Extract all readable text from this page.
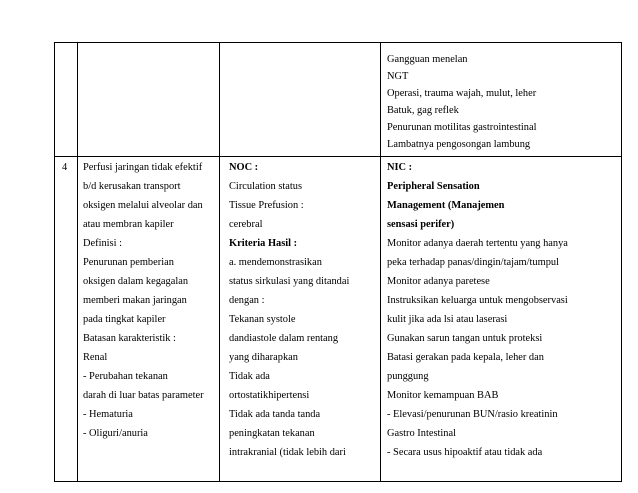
Gangguan menelan
NGT
Operasi, trauma wajah, mulut, leher
Batuk, gag reflek
Penurunan motilitas gastrointestinal
Lambatnya pengosongan lambung
4 Perfusi jaringan tidak efektif
b/d kerusakan transport
oksigen melalui alveolar dan
atau membran kapiler
Definisi :
Penurunan pemberian
oksigen dalam kegagalan
memberi makan jaringan
pada tingkat kapiler
Batasan karakteristik :
Renal
- Perubahan tekanan
darah di luar batas parameter
- Hematuria
- Oliguri/anuria
NOC :
Circulation status
Tissue Prefusion :
cerebral
Kriteria Hasil :
a. mendemonstrasikan
status sirkulasi yang ditandai
dengan :
Tekanan systole
dandiastole dalam rentang
yang diharapkan
Tidak ada
ortostatikhipertensi
Tidak ada tanda tanda
peningkatan tekanan
intrakranial (tidak lebih dari
NIC :
Peripheral Sensation
Management (Manajemen
sensasi perifer)
Monitor adanya daerah tertentu yang hanya
peka terhadap panas/dingin/tajam/tumpul
Monitor adanya paretese
Instruksikan keluarga untuk mengobservasi
kulit jika ada lsi atau laserasi
Gunakan sarun tangan untuk proteksi
Batasi gerakan pada kepala, leher dan
punggung
Monitor kemampuan BAB
- Elevasi/penurunan BUN/rasio kreatinin
Gastro Intestinal
- Secara usus hipoaktif atau tidak ada
